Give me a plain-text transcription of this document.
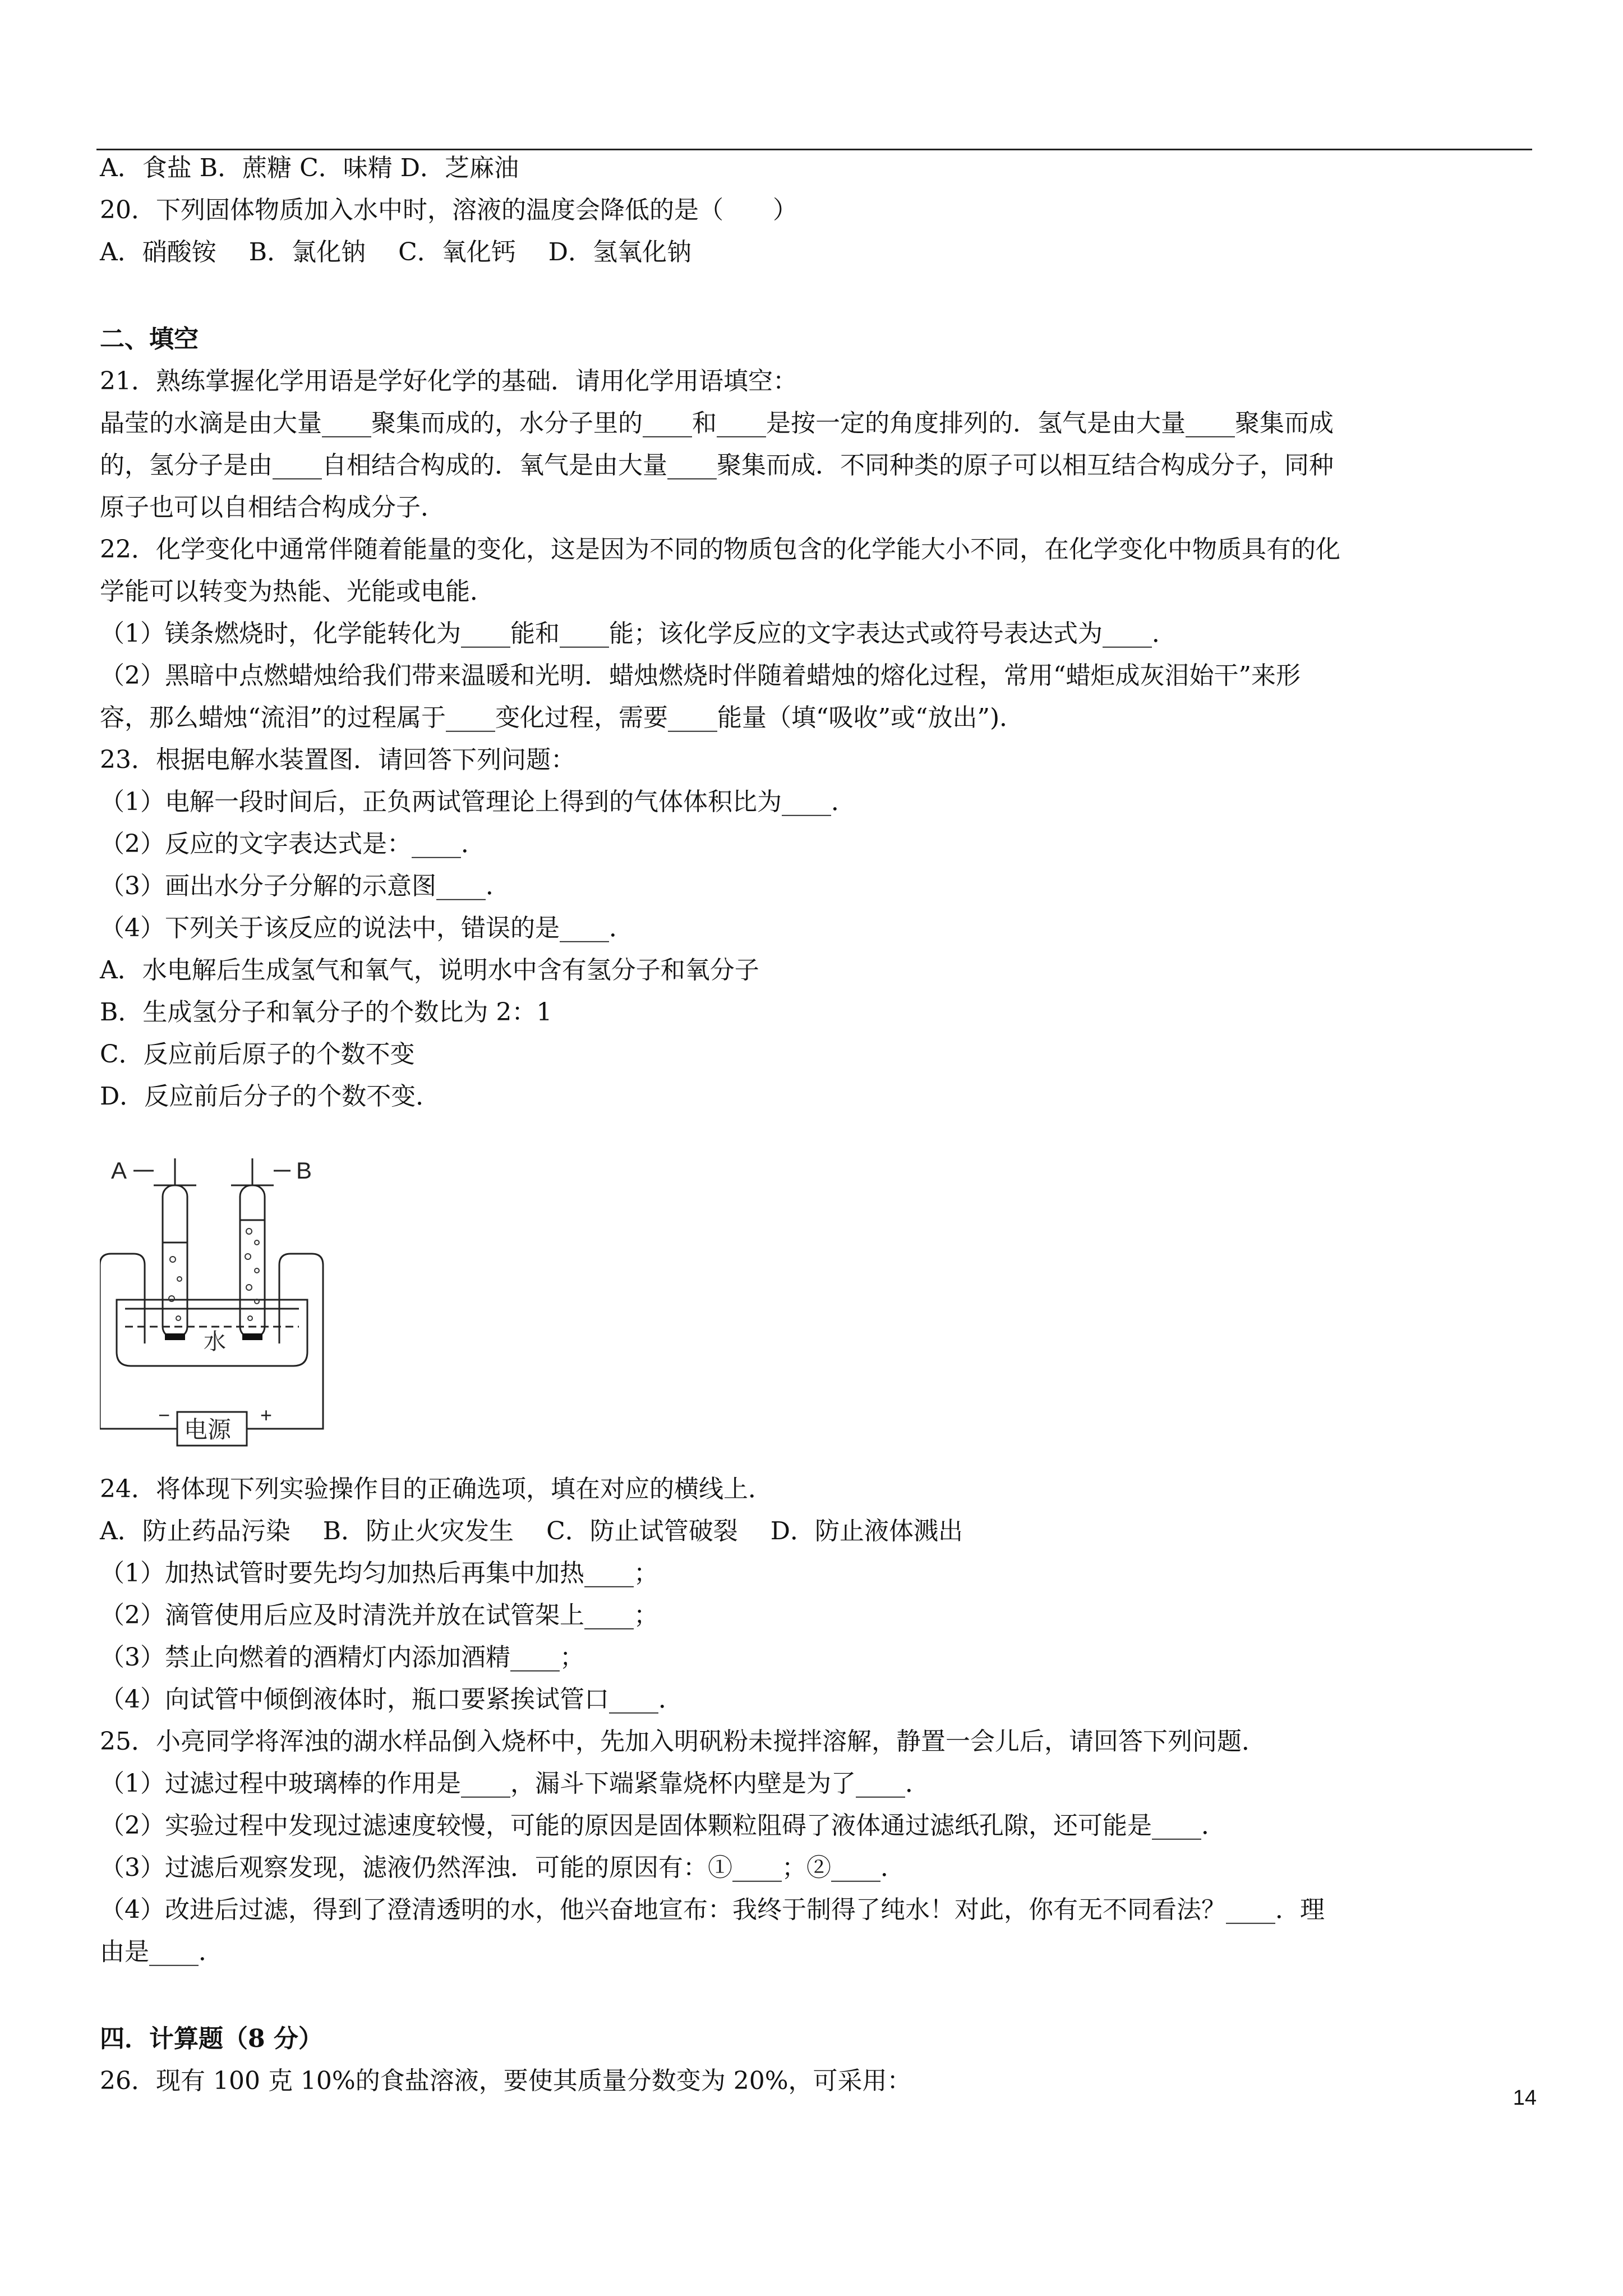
A．食盐 B．蔗糖 C．味精 D．芝麻油
20．下列固体物质加入水中时，溶液的温度会降低的是（　　）
A．硝酸铵　 B．氯化钠　 C．氧化钙　 D．氢氧化钠
二、填空
21．熟练掌握化学用语是学好化学的基础．请用化学用语填空：
晶莹的水滴是由大量____聚集而成的，水分子里的____和____是按一定的角度排列的．氢气是由大量____聚集而成
的，氢分子是由____自相结合构成的．氧气是由大量____聚集而成．不同种类的原子可以相互结合构成分子，同种
原子也可以自相结合构成分子．
22．化学变化中通常伴随着能量的变化，这是因为不同的物质包含的化学能大小不同，在化学变化中物质具有的化
学能可以转变为热能、光能或电能．
（1）镁条燃烧时，化学能转化为____能和____能；该化学反应的文字表达式或符号表达式为____．
（2）黑暗中点燃蜡烛给我们带来温暖和光明．蜡烛燃烧时伴随着蜡烛的熔化过程，常用“蜡炬成灰泪始干”来形
容，那么蜡烛“流泪”的过程属于____变化过程，需要____能量（填“吸收”或“放出”)．
23．根据电解水装置图．请回答下列问题：
（1）电解一段时间后，正负两试管理论上得到的气体体积比为____．
（2）反应的文字表达式是：____．
（3）画出水分子分解的示意图____．
（4）下列关于该反应的说法中，错误的是____．
A．水电解后生成氢气和氧气，说明水中含有氢分子和氧分子
B．生成氢分子和氧分子的个数比为 2：1
C．反应前后原子的个数不变
D．反应前后分子的个数不变．
A	B
水
电源
−	+
24．将体现下列实验操作目的正确选项，填在对应的横线上．
A．防止药品污染　 B．防止火灾发生　 C．防止试管破裂　 D．防止液体溅出
（1）加热试管时要先均匀加热后再集中加热____；
（2）滴管使用后应及时清洗并放在试管架上____；
（3）禁止向燃着的酒精灯内添加酒精____；
（4）向试管中倾倒液体时，瓶口要紧挨试管口____．
25．小亮同学将浑浊的湖水样品倒入烧杯中，先加入明矾粉未搅拌溶解，静置一会儿后，请回答下列问题．
（1）过滤过程中玻璃棒的作用是____，漏斗下端紧靠烧杯内壁是为了____．
（2）实验过程中发现过滤速度较慢，可能的原因是固体颗粒阻碍了液体通过滤纸孔隙，还可能是____．
（3）过滤后观察发现，滤液仍然浑浊．可能的原因有：①____；②____．
（4）改进后过滤，得到了澄清透明的水，他兴奋地宣布：我终于制得了纯水！对此，你有无不同看法？____．理
由是____．
四．计算题（8 分）
26．现有 100 克 10%的食盐溶液，要使其质量分数变为 20%，可采用：
14
